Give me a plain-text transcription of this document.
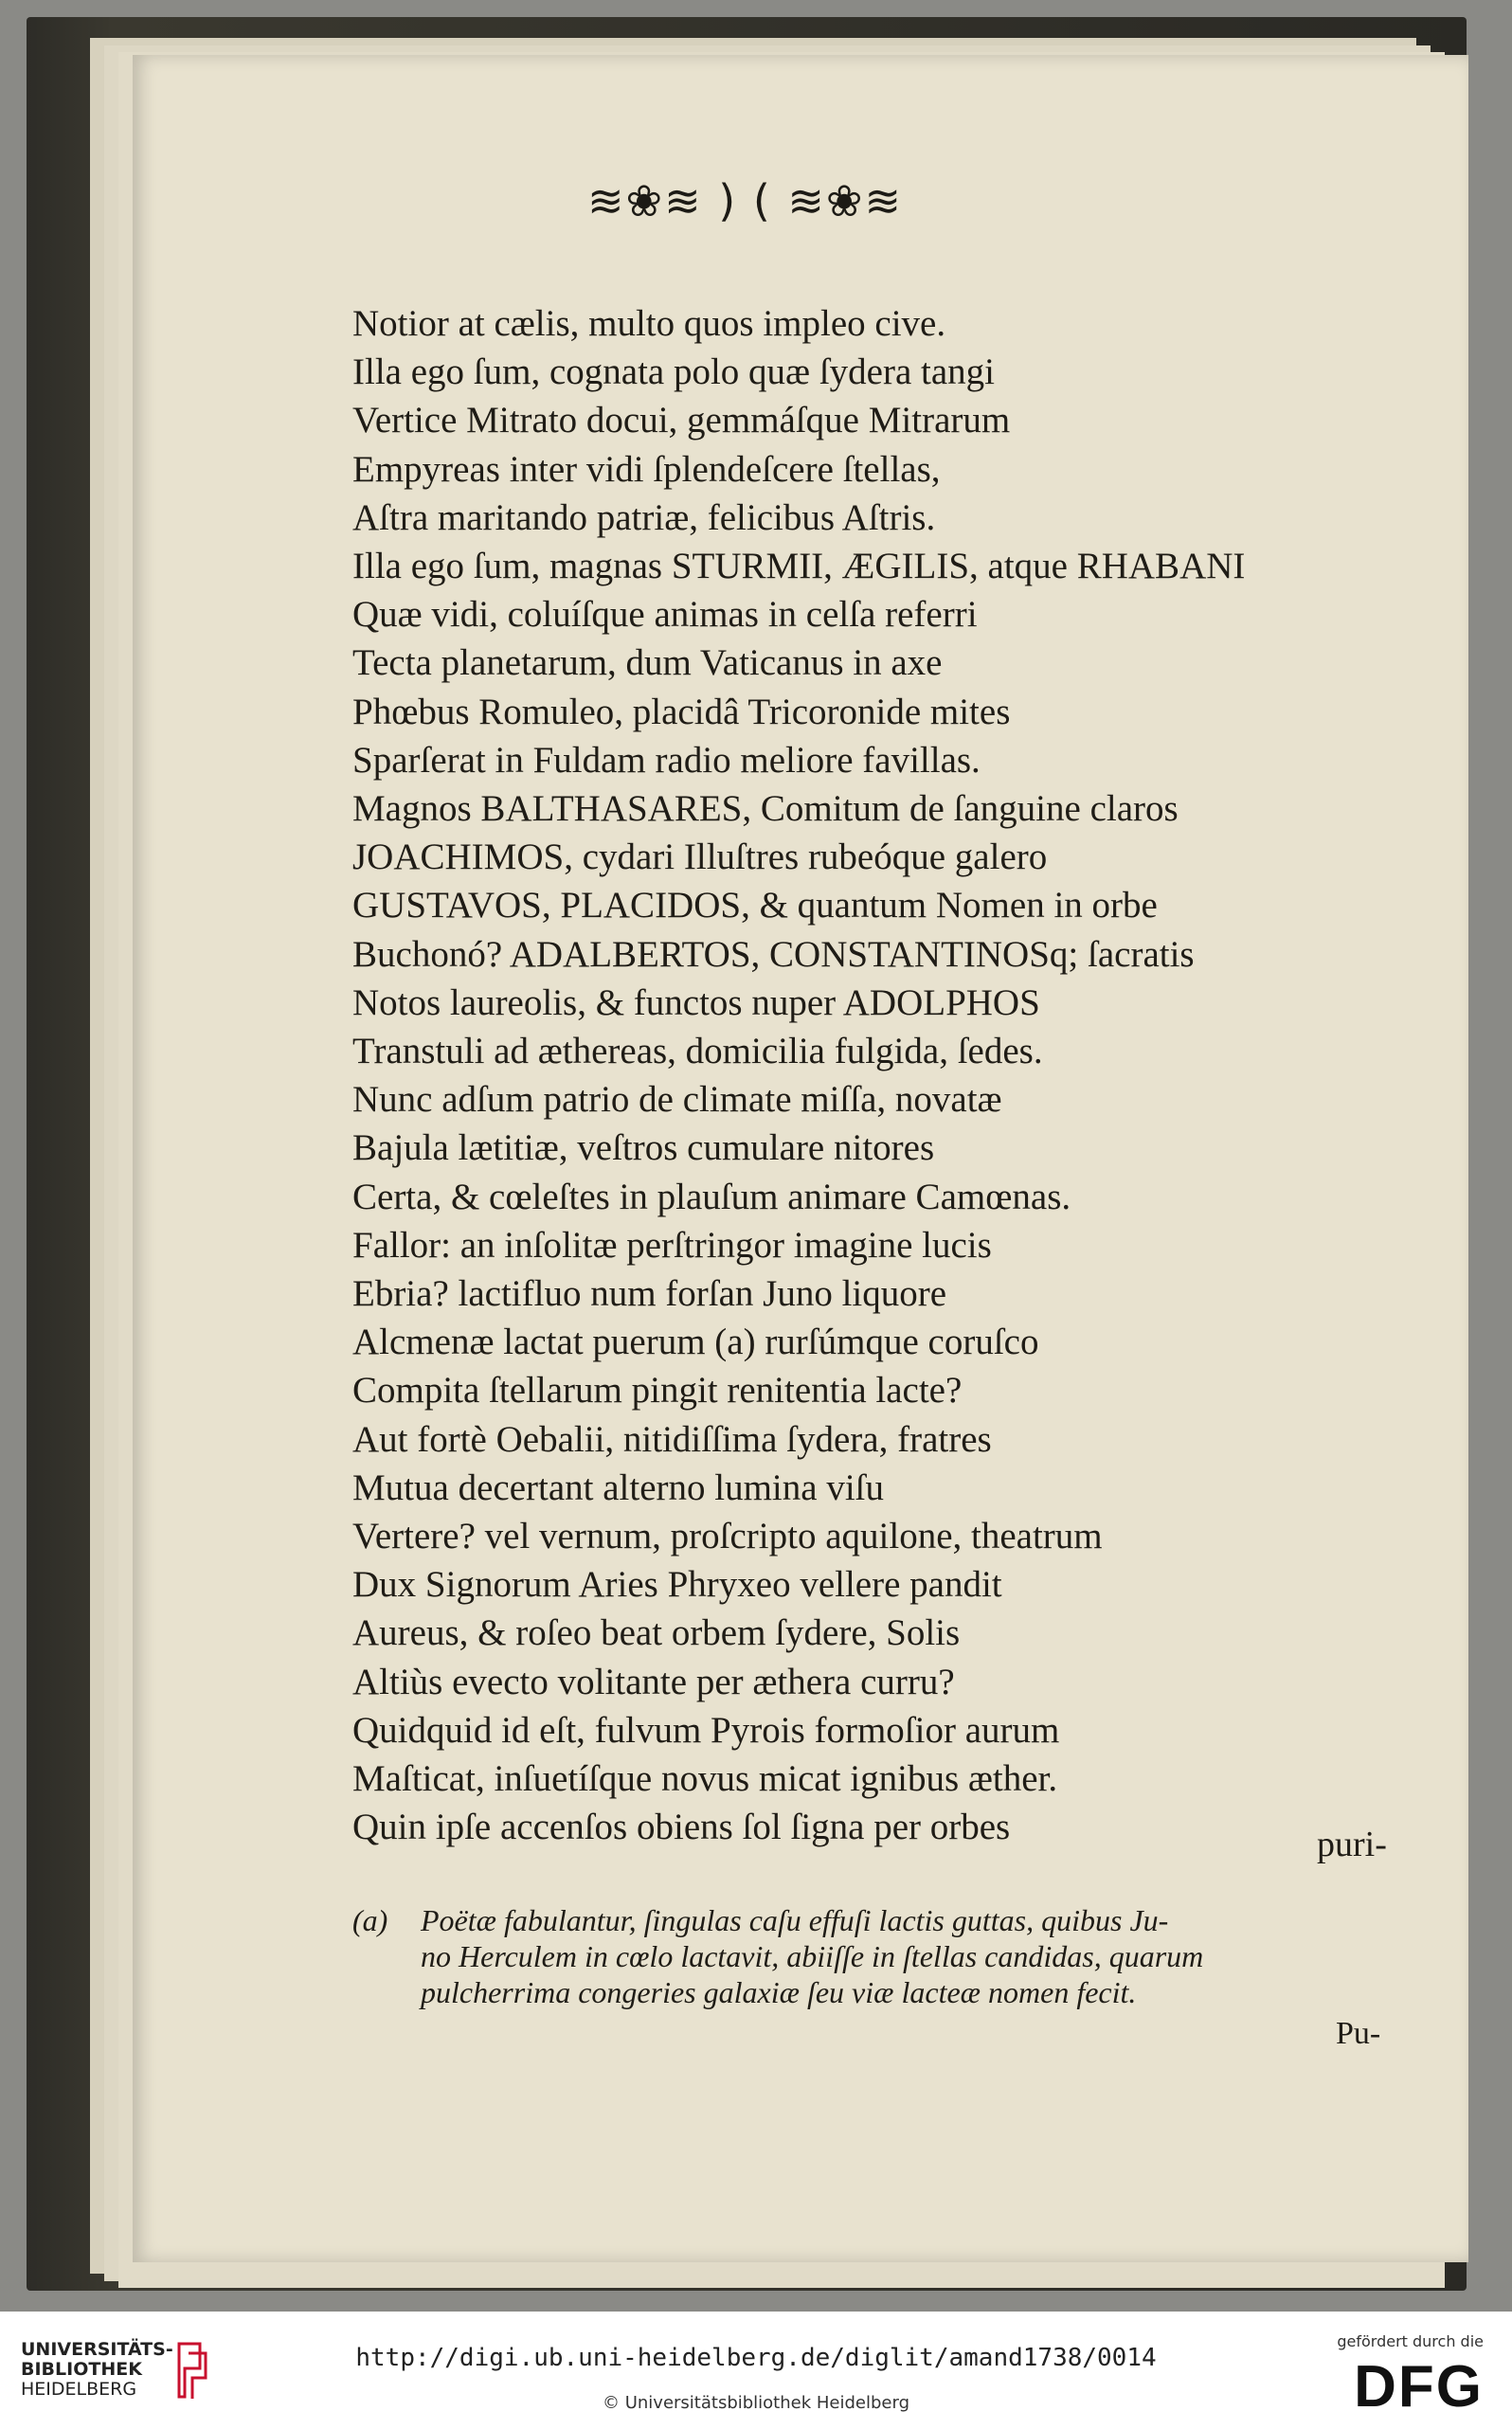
≋❀≋ ) ( ≋❀≋
Notior at cælis, multo quos impleo cive.
Illa ego ſum, cognata polo quæ ſydera tangi
Vertice Mitrato docui, gemmáſque Mitrarum
Empyreas inter vidi ſplendeſcere ſtellas,
Aſtra maritando patriæ, felicibus Aſtris.
Illa ego ſum, magnas STURMII, ÆGILIS, atque RHABANI
Quæ vidi, coluíſque animas in celſa referri
Tecta planetarum, dum Vaticanus in axe
Phœbus Romuleo, placidâ Tricoronide mites
Sparſerat in Fuldam radio meliore favillas.
Magnos BALTHASARES, Comitum de ſanguine claros
JOACHIMOS, cydari Illuſtres rubeóque galero
GUSTAVOS, PLACIDOS, & quantum Nomen in orbe
Buchonó? ADALBERTOS, CONSTANTINOSq; ſacratis
Notos laureolis, & functos nuper ADOLPHOS
Transtuli ad æthereas, domicilia fulgida, ſedes.
Nunc adſum patrio de climate miſſa, novatæ
Bajula lætitiæ, veſtros cumulare nitores
Certa, & cœleſtes in plauſum animare Camœnas.
Fallor: an inſolitæ perſtringor imagine lucis
Ebria? lactifluo num forſan Juno liquore
Alcmenæ lactat puerum (a) rurſúmque coruſco
Compita ſtellarum pingit renitentia lacte?
Aut fortè Oebalii, nitidiſſima ſydera, fratres
Mutua decertant alterno lumina viſu
Vertere? vel vernum, proſcripto aquilone, theatrum
Dux Signorum Aries Phryxeo vellere pandit
Aureus, & roſeo beat orbem ſydere, Solis
Altiùs evecto volitante per æthera curru?
Quidquid id eſt, fulvum Pyrois formoſior aurum
Maſticat, inſuetíſque novus micat ignibus æther.
Quin ipſe accenſos obiens ſol ſigna per orbes	puri-
(a) Poëtæ fabulantur, ſingulas caſu effuſi lactis guttas, quibus Ju-
no Herculem in cœlo lactavit, abiiſſe in ſtellas candidas, quarum
pulcherrima congeries galaxiæ ſeu viæ lacteæ nomen fecit.
Pu-
UNIVERSITÄTS-
BIBLIOTHEK
HEIDELBERG
http://digi.ub.uni-heidelberg.de/diglit/amand1738/0014
© Universitätsbibliothek Heidelberg
gefördert durch die
DFG
